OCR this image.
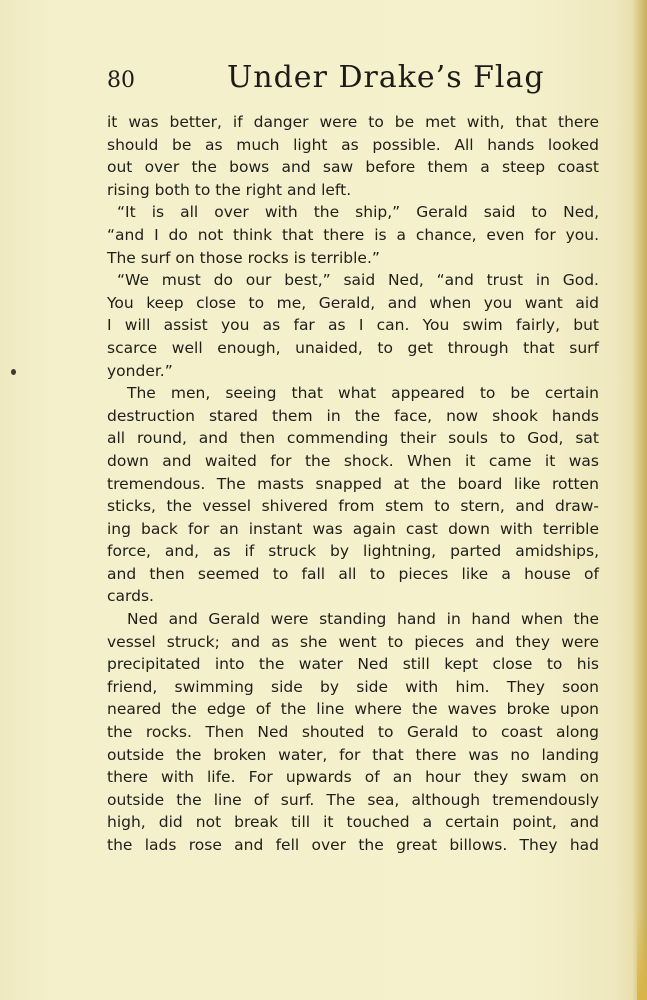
80	Under Drake’s Flag
it was better, if danger were to be met with, that there
should be as much light as possible. All hands looked
out over the bows and saw before them a steep coast
rising both to the right and left.
“It is all over with the ship,” Gerald said to Ned,
“and I do not think that there is a chance, even for you.
The surf on those rocks is terrible.”
“We must do our best,” said Ned, “and trust in God.
You keep close to me, Gerald, and when you want aid
I will assist you as far as I can. You swim fairly, but
scarce well enough, unaided, to get through that surf
yonder.”
The men, seeing that what appeared to be certain
destruction stared them in the face, now shook hands
all round, and then commending their souls to God, sat
down and waited for the shock. When it came it was
tremendous. The masts snapped at the board like rotten
sticks, the vessel shivered from stem to stern, and draw-
ing back for an instant was again cast down with terrible
force, and, as if struck by lightning, parted amidships,
and then seemed to fall all to pieces like a house of
cards.
Ned and Gerald were standing hand in hand when the
vessel struck; and as she went to pieces and they were
precipitated into the water Ned still kept close to his
friend, swimming side by side with him. They soon
neared the edge of the line where the waves broke upon
the rocks. Then Ned shouted to Gerald to coast along
outside the broken water, for that there was no landing
there with life. For upwards of an hour they swam on
outside the line of surf. The sea, although tremendously
high, did not break till it touched a certain point, and
the lads rose and fell over the great billows. They had
